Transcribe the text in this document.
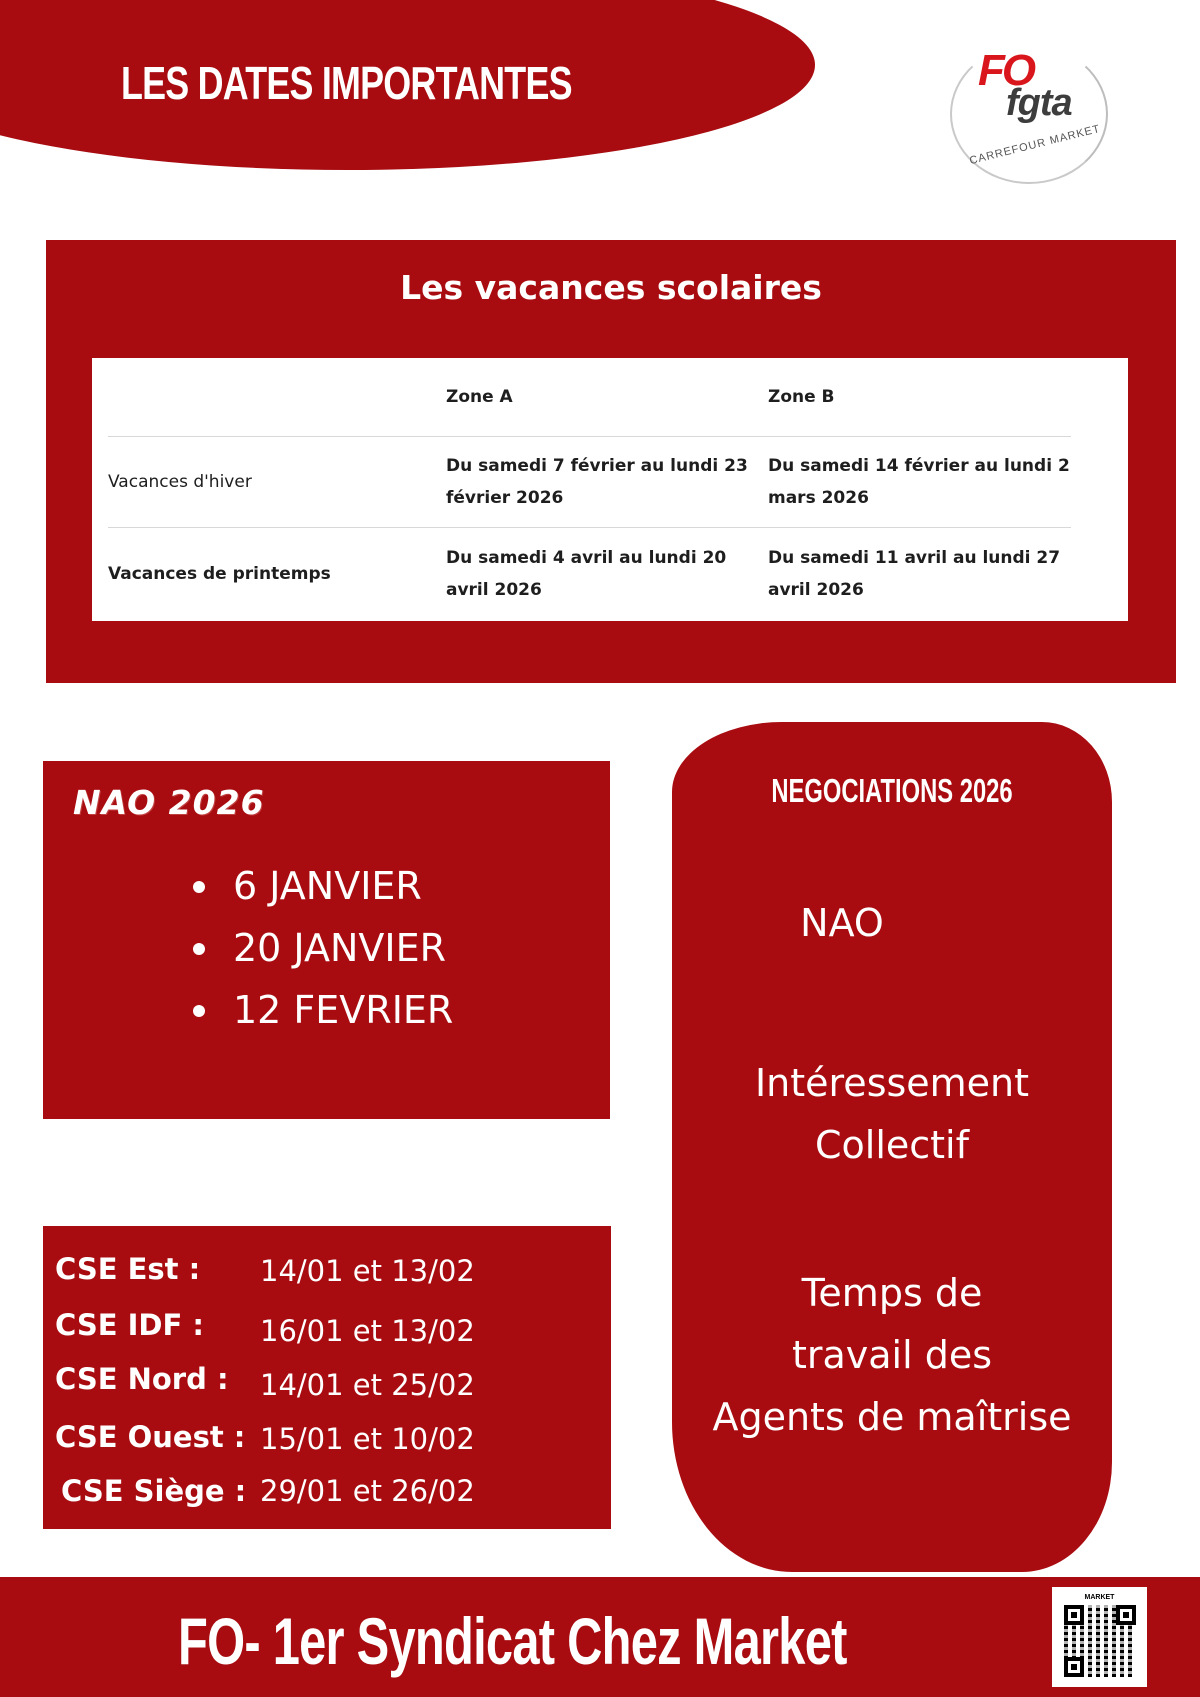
LES DATES IMPORTANTES	FO
fgta
CARREFOUR MARKET
Les vacances scolaires
Zone A	Zone B
Vacances d'hiver
Du samedi 7 février au lundi 23 février 2026
Du samedi 14 février au lundi 2 mars 2026
Vacances de printemps
Du samedi 4 avril au lundi 20 avril 2026
Du samedi 11 avril au lundi 27 avril 2026
NAO 2026
6 JANVIER
20 JANVIER
12 FEVRIER
NEGOCIATIONS 2026
NAO
Intéressement
Collectif
Temps de
travail des
Agents de maîtrise
CSE Est : 14/01 et 13/02
CSE IDF : 16/01 et 13/02
CSE Nord : 14/01 et 25/02
CSE Ouest : 15/01 et 10/02
CSE Siège : 29/01 et 26/02
FO- 1er Syndicat Chez Market
MARKET
